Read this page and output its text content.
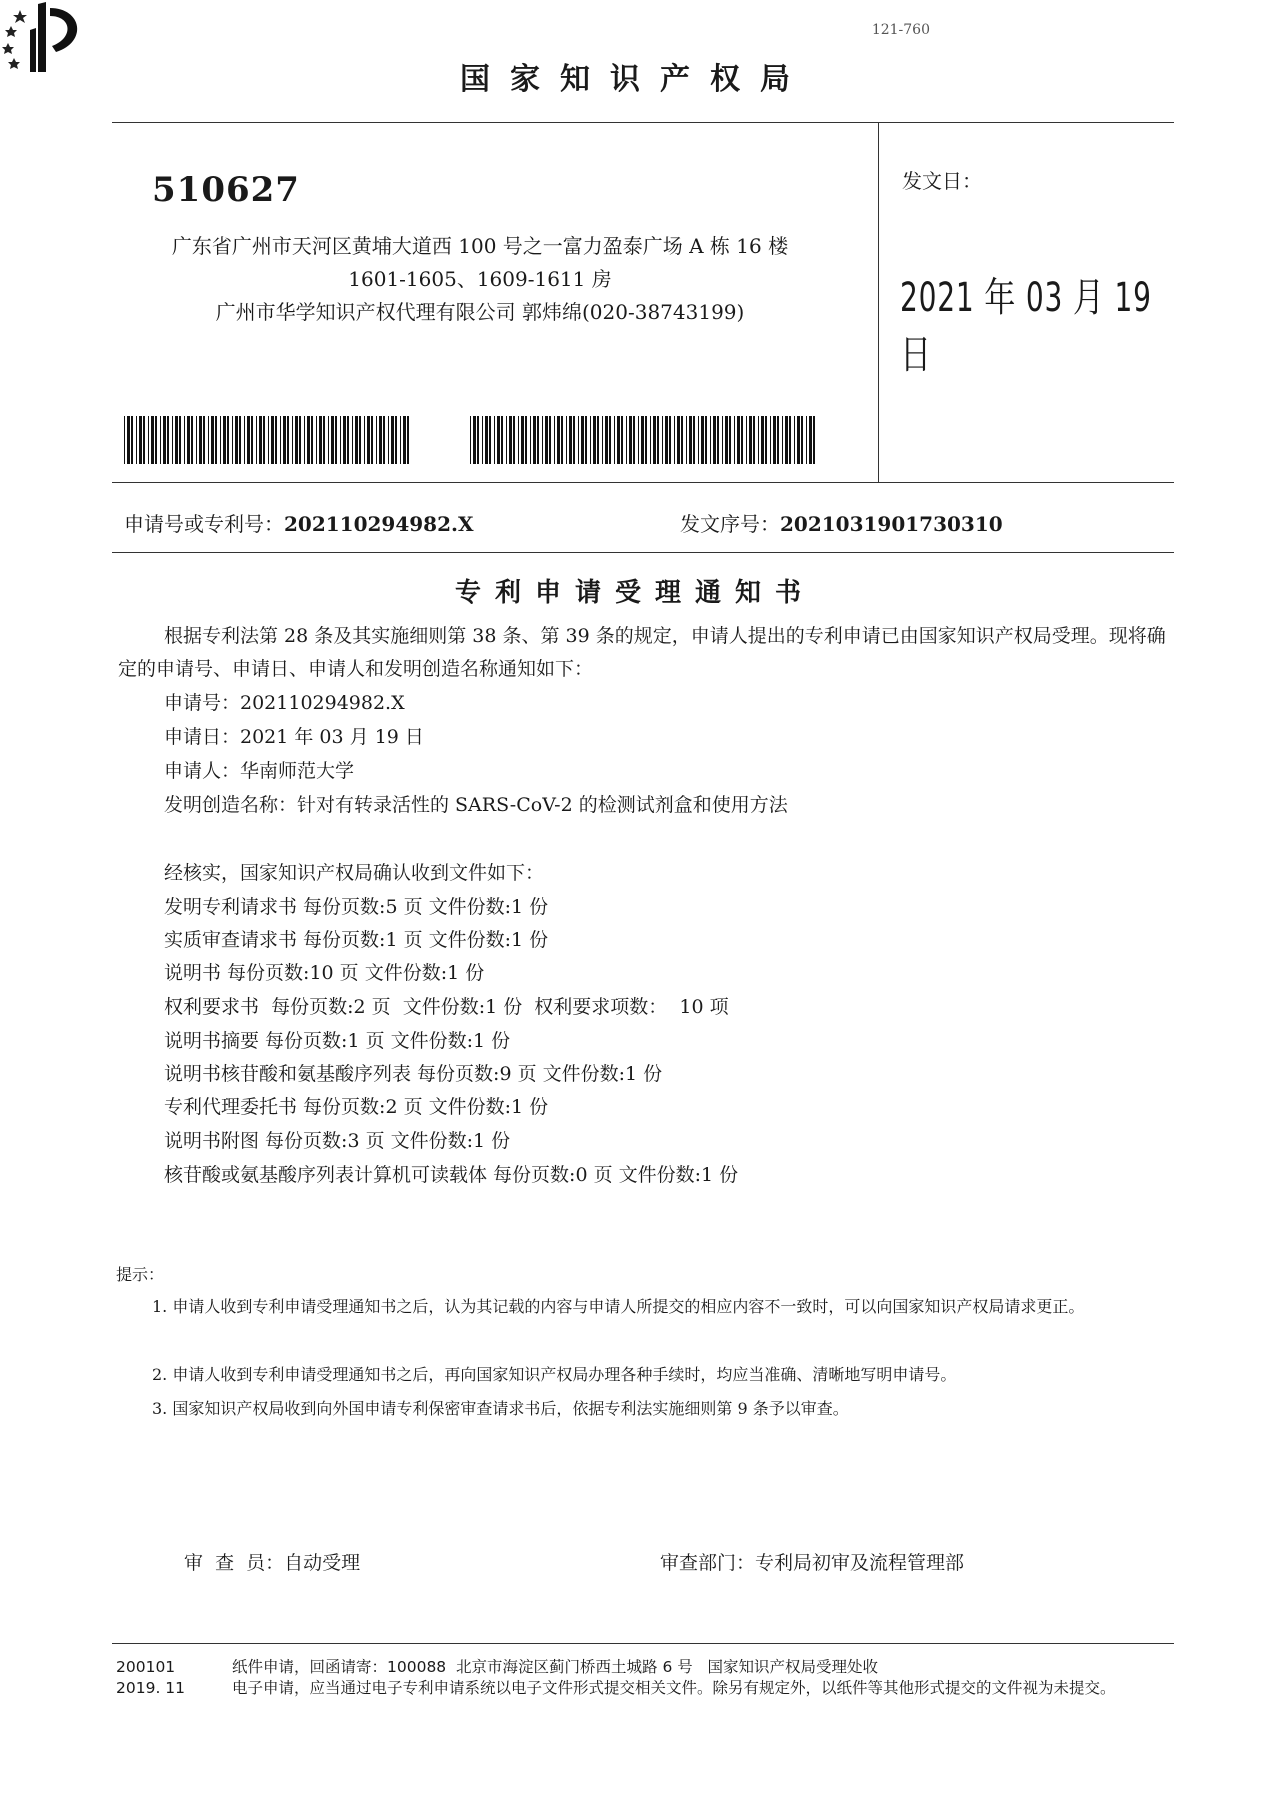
121-760
国家知识产权局
510627
广东省广州市天河区黄埔大道西 100 号之一富力盈泰广场 A 栋 16 楼
1601-1605、1609-1611 房
广州市华学知识产权代理有限公司 郭炜绵(020-38743199)
发文日：
2021 年 03 月 19 日
申请号或专利号：202110294982.X	发文序号：2021031901730310
专利申请受理通知书
根据专利法第 28 条及其实施细则第 38 条、第 39 条的规定，申请人提出的专利申请已由国家知识产权局受理。现将确定的申请号、申请日、申请人和发明创造名称通知如下：
申请号：202110294982.X
申请日：2021 年 03 月 19 日
申请人：华南师范大学
发明创造名称：针对有转录活性的 SARS-CoV-2 的检测试剂盒和使用方法
经核实，国家知识产权局确认收到文件如下：
发明专利请求书 每份页数:5 页 文件份数:1 份
实质审查请求书 每份页数:1 页 文件份数:1 份
说明书 每份页数:10 页 文件份数:1 份
权利要求书  每份页数:2 页  文件份数:1 份  权利要求项数：  10 项
说明书摘要 每份页数:1 页 文件份数:1 份
说明书核苷酸和氨基酸序列表 每份页数:9 页 文件份数:1 份
专利代理委托书 每份页数:2 页 文件份数:1 份
说明书附图 每份页数:3 页 文件份数:1 份
核苷酸或氨基酸序列表计算机可读载体 每份页数:0 页 文件份数:1 份
提示：
1. 申请人收到专利申请受理通知书之后，认为其记载的内容与申请人所提交的相应内容不一致时，可以向国家知识产权局请求更正。
2. 申请人收到专利申请受理通知书之后，再向国家知识产权局办理各种手续时，均应当准确、清晰地写明申请号。
3. 国家知识产权局收到向外国申请专利保密审查请求书后，依据专利法实施细则第 9 条予以审查。
审  查  员：自动受理	审查部门：专利局初审及流程管理部
200101
2019. 11
纸件申请，回函请寄：100088  北京市海淀区蓟门桥西土城路 6 号   国家知识产权局受理处收
电子申请，应当通过电子专利申请系统以电子文件形式提交相关文件。除另有规定外，以纸件等其他形式提交的文件视为未提交。
